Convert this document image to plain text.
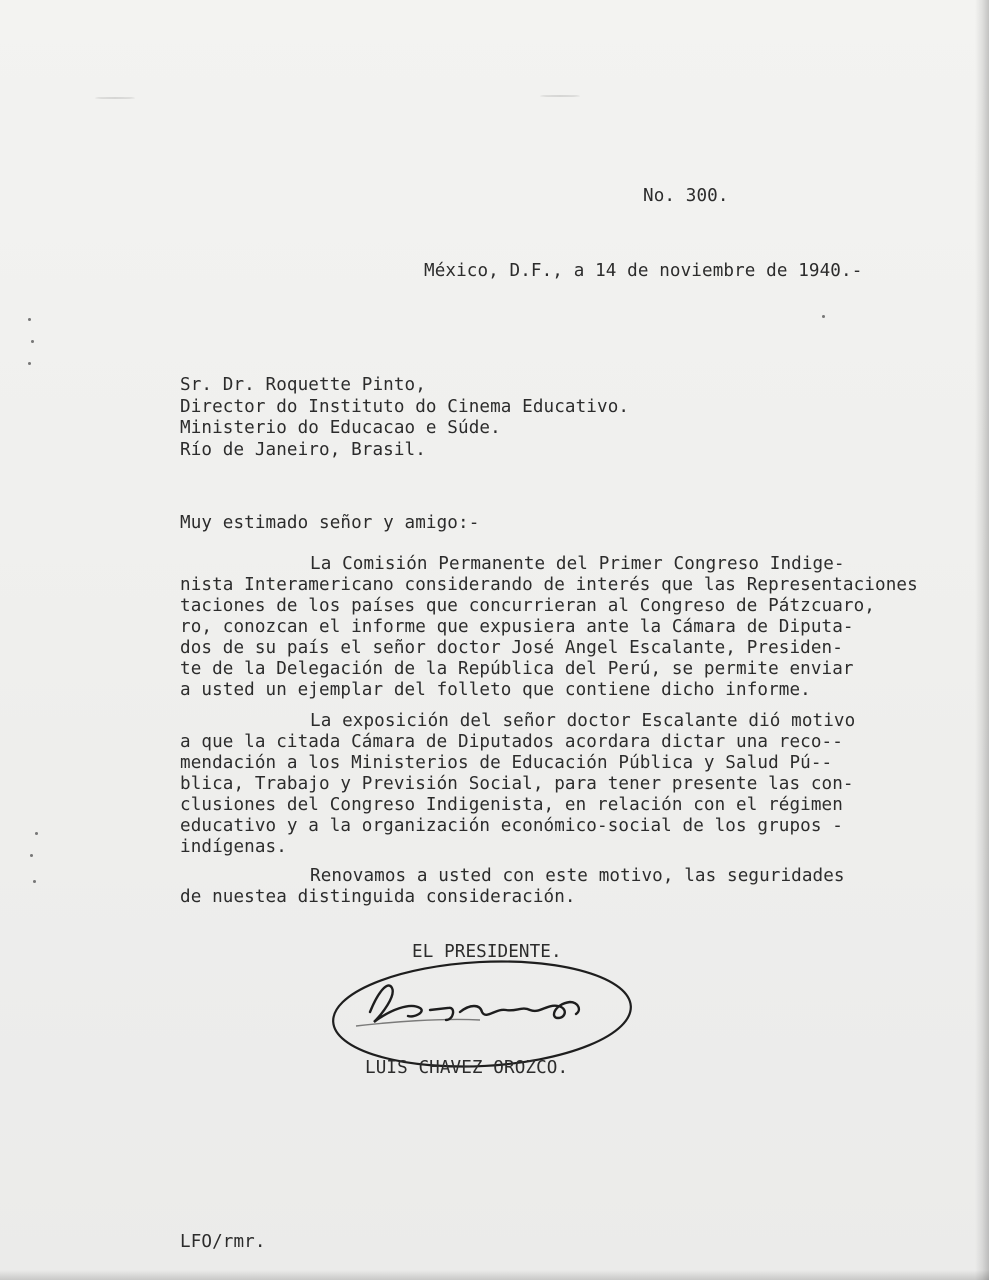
No. 300.
México, D.F., a 14 de noviembre de 1940.-
Sr. Dr. Roquette Pinto,
Director do Instituto do Cinema Educativo.
Ministerio do Educacao e Súde.
Río de Janeiro, Brasil.
Muy estimado señor y amigo:-
La Comisión Permanente del Primer Congreso Indige-
nista Interamericano considerando de interés que las Representaciones
taciones de los países que concurrieran al Congreso de Pátzcuaro,
ro, conozcan el informe que expusiera ante la Cámara de Diputa-
dos de su país el señor doctor José Angel Escalante, Presiden-
te de la Delegación de la República del Perú, se permite enviar
a usted un ejemplar del folleto que contiene dicho informe.
La exposición del señor doctor Escalante dió motivo
a que la citada Cámara de Diputados acordara dictar una reco--
mendación a los Ministerios de Educación Pública y Salud Pú--
blica, Trabajo y Previsión Social, para tener presente las con-
clusiones del Congreso Indigenista, en relación con el régimen
educativo y a la organización económico-social de los grupos -
indígenas.
Renovamos a usted con este motivo, las seguridades
de nuestea distinguida consideración.
EL PRESIDENTE.
LUIS CHAVEZ OROZCO.
LFO/rmr.
